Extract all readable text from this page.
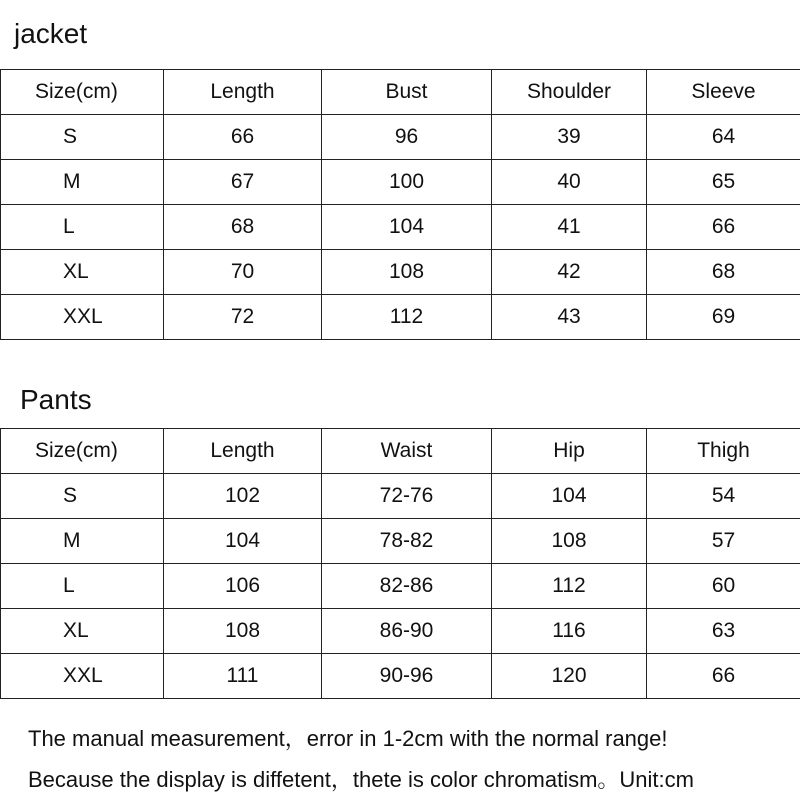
jacket
Size(cm)	Length	Bust	Shoulder	Sleeve
S	66	96	39	64
M	67	100	40	65
L	68	104	41	66
XL	70	108	42	68
XXL	72	112	43	69
Pants
Size(cm)	Length	Waist	Hip	Thigh
S	102	72-76	104	54
M	104	78-82	108	57
L	106	82-86	112	60
XL	108	86-90	116	63
XXL	111	90-96	120	66

The manual measurement，error in 1-2cm with the normal range!

Because the display is diffetent，thete is color chromatism。Unit:cm
